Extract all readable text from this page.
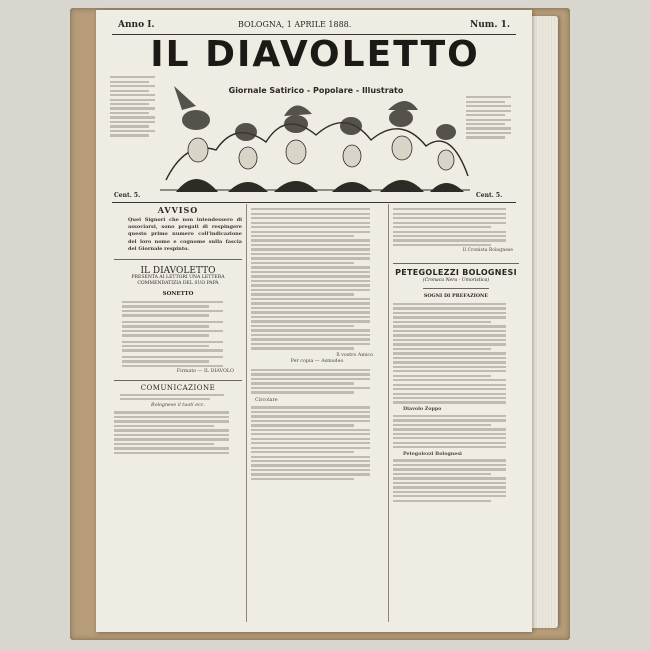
Anno I.	BOLOGNA, 1 APRILE 1888.	Num. 1.
IL DIAVOLETTO
Giornale Satirico - Popolare - Illustrato
Cent. 5.	Cent. 5.
AVVISO
Quei Signori che non intendessero di associarsi, sono pregati di respingere questo primo numero coll'indicazione del loro nome e cognome sulla fascia del Giornale respinto.
IL DIAVOLETTO
PRESENTA AI LETTORI UNA LETTERA COMMENDATIZIA DEL SUO PAPÀ
SONETTO
Firmato — IL DIAVOLO
COMUNICAZIONE
Bolognese il tuoti ecc.
Il vostro Amico
Per copia — Asmodeo
Circolare
Il Cronista Bolognese
PETEGOLEZZI BOLOGNESI
(Cronaca Nera - Umoristica)
SOGNI DI PREFAZIONE
Diavolo Zoppo
Petegolezzi Bolognesi
